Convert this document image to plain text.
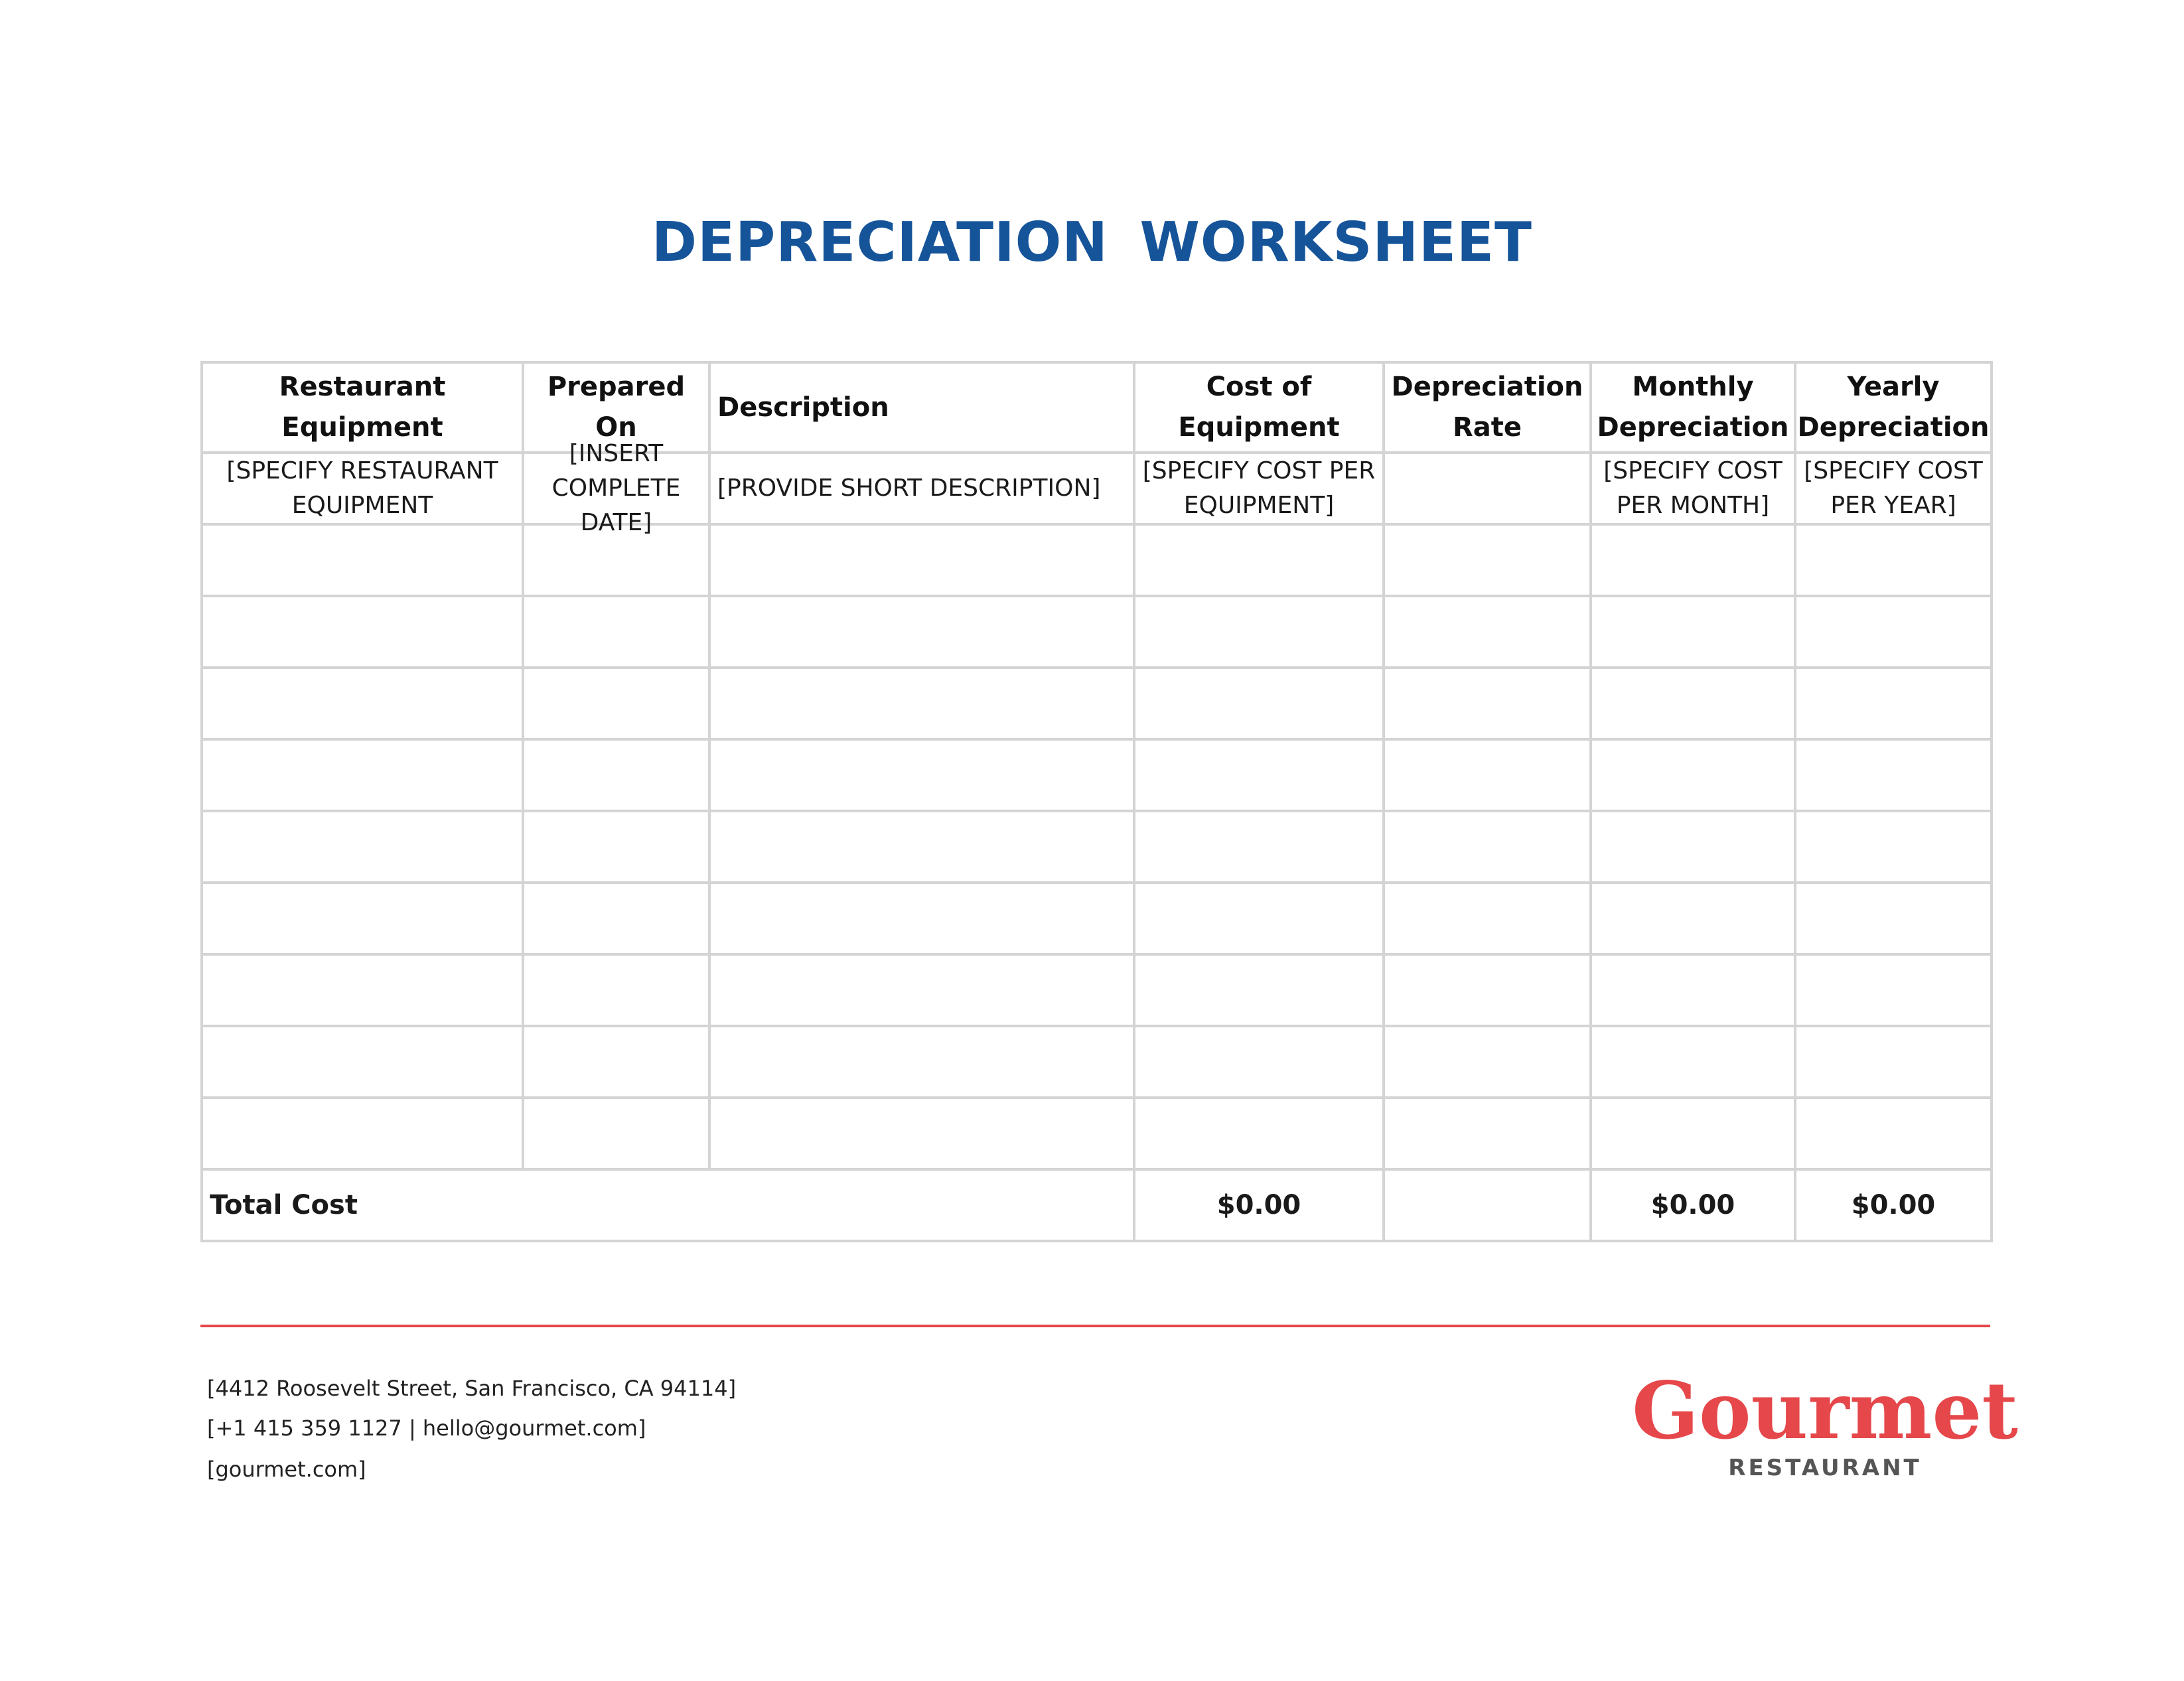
DEPRECIATION WORKSHEET
Restaurant Equipment	Prepared On	Description	Cost of Equipment	Depreciation Rate	Monthly Depreciation	Yearly Depreciation

[SPECIFY RESTAURANT EQUIPMENT	[INSERT COMPLETE DATE]	[PROVIDE SHORT DESCRIPTION]	[SPECIFY COST PER EQUIPMENT]		[SPECIFY COST PER MONTH]	[SPECIFY COST PER YEAR]

Total Cost			$0.00		$0.00	$0.00
[4412 Roosevelt Street, San Francisco, CA 94114]
[+1 415 359 1127 | hello@gourmet.com]
[gourmet.com]
Gourmet
RESTAURANT
